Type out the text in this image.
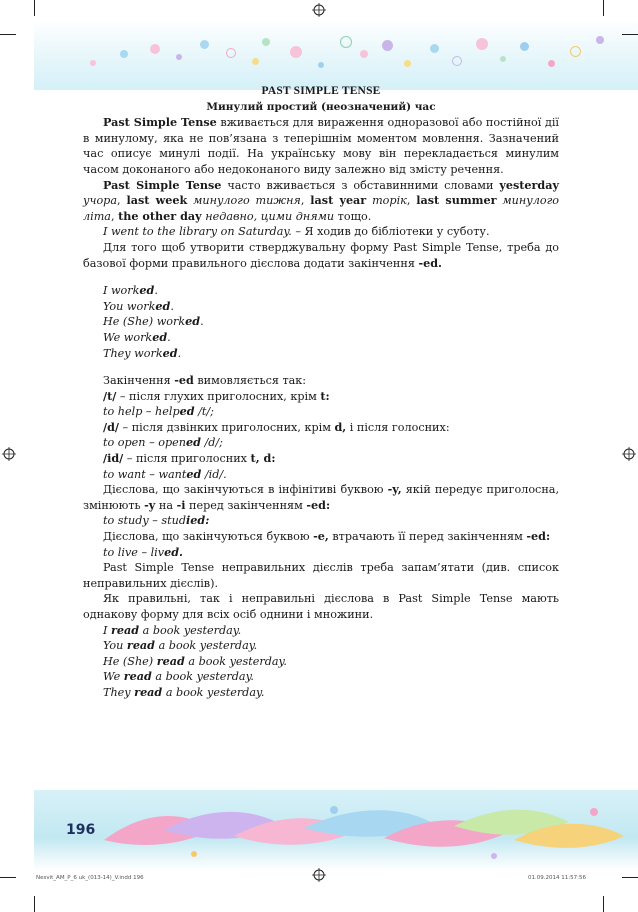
PAST SIMPLE TENSE

Минулий простий (неозначений) час

Past Simple Tense вживається для вираження одноразової або постійної дії в минулому, яка не пов’язана з теперішнім моментом мовлення. Зазначений час описує минулі події. На українську мову він перекладається минулим часом доконаного або недоконаного виду залежно від змісту речення.

Past Simple Tense часто вживається з обставинними словами yesterday учора, last week минулого тижня, last year торік, last summer минулого літа, the other day недавно, цими днями тощо.

I went to the library on Saturday. – Я ходив до бібліотеки у суботу.

Для того щоб утворити стверджувальну форму Past Simple Tense, треба до базової форми правильного дієслова додати закінчення -ed.

I worked.

You worked.

He (She) worked.

We worked.

They worked.

Закінчення -ed вимовляється так:

/t/ – після глухих приголосних, крім t:

to help – helped /t/;

/d/ – після дзвінких приголосних, крім d, і після голосних:

to open – opened /d/;

/id/ – після приголосних t, d:

to want – wanted /id/.

Дієслова, що закінчуються в інфінітиві буквою -y, якій передує приголосна, змінюють -y на -i перед закінченням -ed:

to study – studied:

Дієслова, що закінчуються буквою -e, втрачають її перед закінченням -ed:

to live – lived.

Past Simple Tense неправильних дієслів треба запам’ятати (див. список неправильних дієслів).

Як правильні, так і неправильні дієслова в Past Simple Tense мають однакову форму для всіх осіб однини і множини.

I read a book yesterday.

You read a book yesterday.

He (She) read a book yesterday.

We read a book yesterday.

They read a book yesterday.

196
Nesvit_AM_P_6 uk_(013-14)_V.indd 196	01.09.2014 11:57:56
